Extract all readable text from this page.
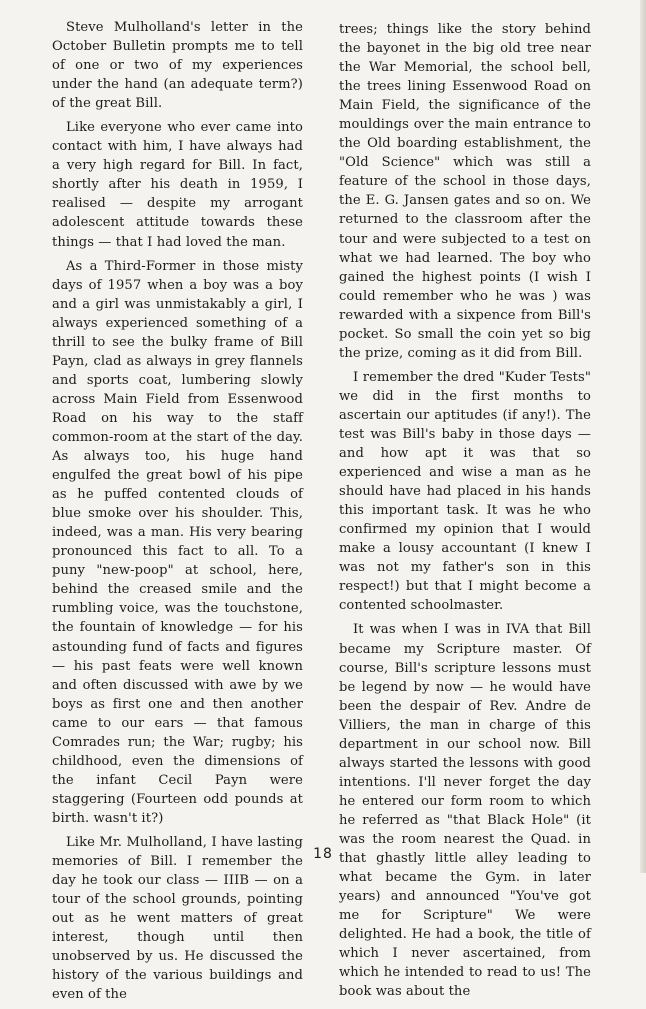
Steve Mulholland's letter in the October Bulletin prompts me to tell of one or two of my experiences under the hand (an adequate term?) of the great Bill.

Like everyone who ever came into contact with him, I have always had a very high regard for Bill. In fact, shortly after his death in 1959, I realised — despite my arrogant adolescent attitude towards these things — that I had loved the man.

As a Third-Former in those misty days of 1957 when a boy was a boy and a girl was unmistakably a girl, I always experienced something of a thrill to see the bulky frame of Bill Payn, clad as always in grey flannels and sports coat, lumbering slowly across Main Field from Essenwood Road on his way to the staff common-room at the start of the day. As always too, his huge hand engulfed the great bowl of his pipe as he puffed contented clouds of blue smoke over his shoulder. This, indeed, was a man. His very bearing pronounced this fact to all. To a puny "new-poop" at school, here, behind the creased smile and the rumbling voice, was the touchstone, the fountain of knowledge — for his astounding fund of facts and figures — his past feats were well known and often discussed with awe by we boys as first one and then another came to our ears — that famous Comrades run; the War; rugby; his childhood, even the dimensions of the infant Cecil Payn were staggering (Fourteen odd pounds at birth. wasn't it?)

Like Mr. Mulholland, I have lasting memories of Bill. I remember the day he took our class — IIIB — on a tour of the school grounds, pointing out as he went matters of great interest, though until then unobserved by us. He discussed the history of the various buildings and even of the

trees; things like the story behind the bayonet in the big old tree near the War Memorial, the school bell, the trees lining Essenwood Road on Main Field, the significance of the mouldings over the main entrance to the Old boarding establishment, the "Old Science" which was still a feature of the school in those days, the E. G. Jansen gates and so on. We returned to the classroom after the tour and were subjected to a test on what we had learned. The boy who gained the highest points (I wish I could remember who he was ) was rewarded with a sixpence from Bill's pocket. So small the coin yet so big the prize, coming as it did from Bill.

I remember the dred "Kuder Tests" we did in the first months to ascertain our aptitudes (if any!). The test was Bill's baby in those days — and how apt it was that so experienced and wise a man as he should have had placed in his hands this important task. It was he who confirmed my opinion that I would make a lousy accountant (I knew I was not my father's son in this respect!) but that I might become a contented schoolmaster.

It was when I was in IVA that Bill became my Scripture master. Of course, Bill's scripture lessons must be legend by now — he would have been the despair of Rev. Andre de Villiers, the man in charge of this department in our school now. Bill always started the lessons with good intentions. I'll never forget the day he entered our form room to which he referred as "that Black Hole" (it was the room nearest the Quad. in that ghastly little alley leading to what became the Gym. in later years) and announced "You've got me for Scripture" We were delighted. He had a book, the title of which I never ascertained, from which he intended to read to us! The book was about the

18
